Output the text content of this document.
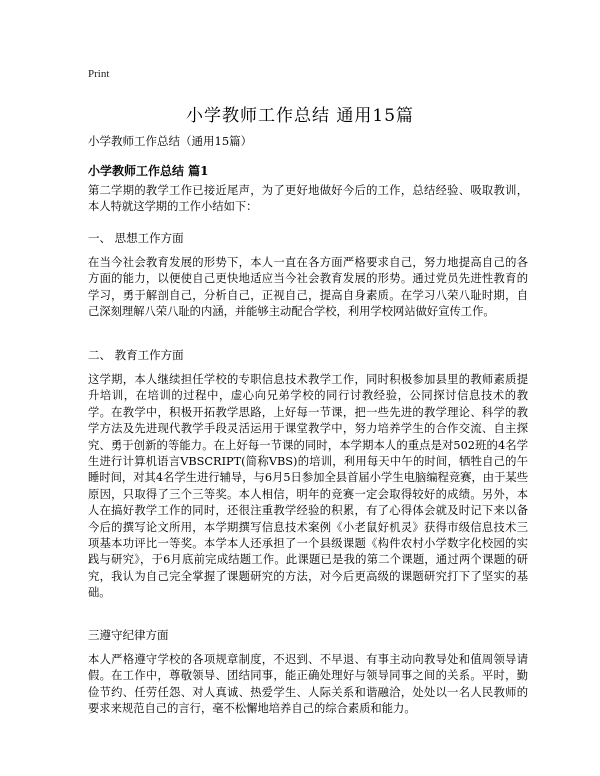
Print
小学教师工作总结 通用15篇
小学教师工作总结（通用15篇）
小学教师工作总结 篇1

第二学期的教学工作已接近尾声，为了更好地做好今后的工作，总结经验、吸取教训，本人特就这学期的工作小结如下：

一、 思想工作方面

在当今社会教育发展的形势下，本人一直在各方面严格要求自己，努力地提高自己的各方面的能力，以便使自己更快地适应当今社会教育发展的形势。通过党员先进性教育的学习，勇于解剖自己，分析自己，正视自己，提高自身素质。在学习八荣八耻时期，自己深刻理解八荣八耻的内涵，并能够主动配合学校，利用学校网站做好宣传工作。

二、 教育工作方面

这学期，本人继续担任学校的专职信息技术教学工作，同时积极参加县里的教师素质提升培训，在培训的过程中，虚心向兄弟学校的同行讨教经验，公同探讨信息技术的教学。在教学中，积极开拓教学思路，上好每一节课，把一些先进的教学理论、科学的教学方法及先进现代教学手段灵活运用于课堂教学中，努力培养学生的合作交流、自主探究、勇于创新的等能力。在上好每一节课的同时，本学期本人的重点是对502班的4名学生进行计算机语言VBSCRIPT(简称VBS)的培训，利用每天中午的时间，牺牲自己的午睡时间，对其4名学生进行辅导，与6月5日参加全县首届小学生电脑编程竞赛，由于某些原因，只取得了三个三等奖。本人相信，明年的竞赛一定会取得较好的成绩。另外，本人在搞好教学工作的同时，还很注重教学经验的积累，有了心得体会就及时记下来以备今后的撰写论文所用，本学期撰写信息技术案例《小老鼠好机灵》获得市级信息技术三项基本功评比一等奖。本学本人还承担了一个县级课题《构件农村小学数字化校园的实践与研究》，于6月底前完成结题工作。此课题已是我的第二个课题，通过两个课题的研究，我认为自己完全掌握了课题研究的方法，对今后更高级的课题研究打下了坚实的基础。

三遵守纪律方面

本人严格遵守学校的各项规章制度，不迟到、不早退、有事主动向教导处和值周领导请假。在工作中，尊敬领导、团结同事，能正确处理好与领导同事之间的关系。平时，勤俭节约、任劳任怨、对人真诚、热爱学生、人际关系和谐融洽，处处以一名人民教师的要求来规范自己的言行，毫不松懈地培养自己的综合素质和能力。
